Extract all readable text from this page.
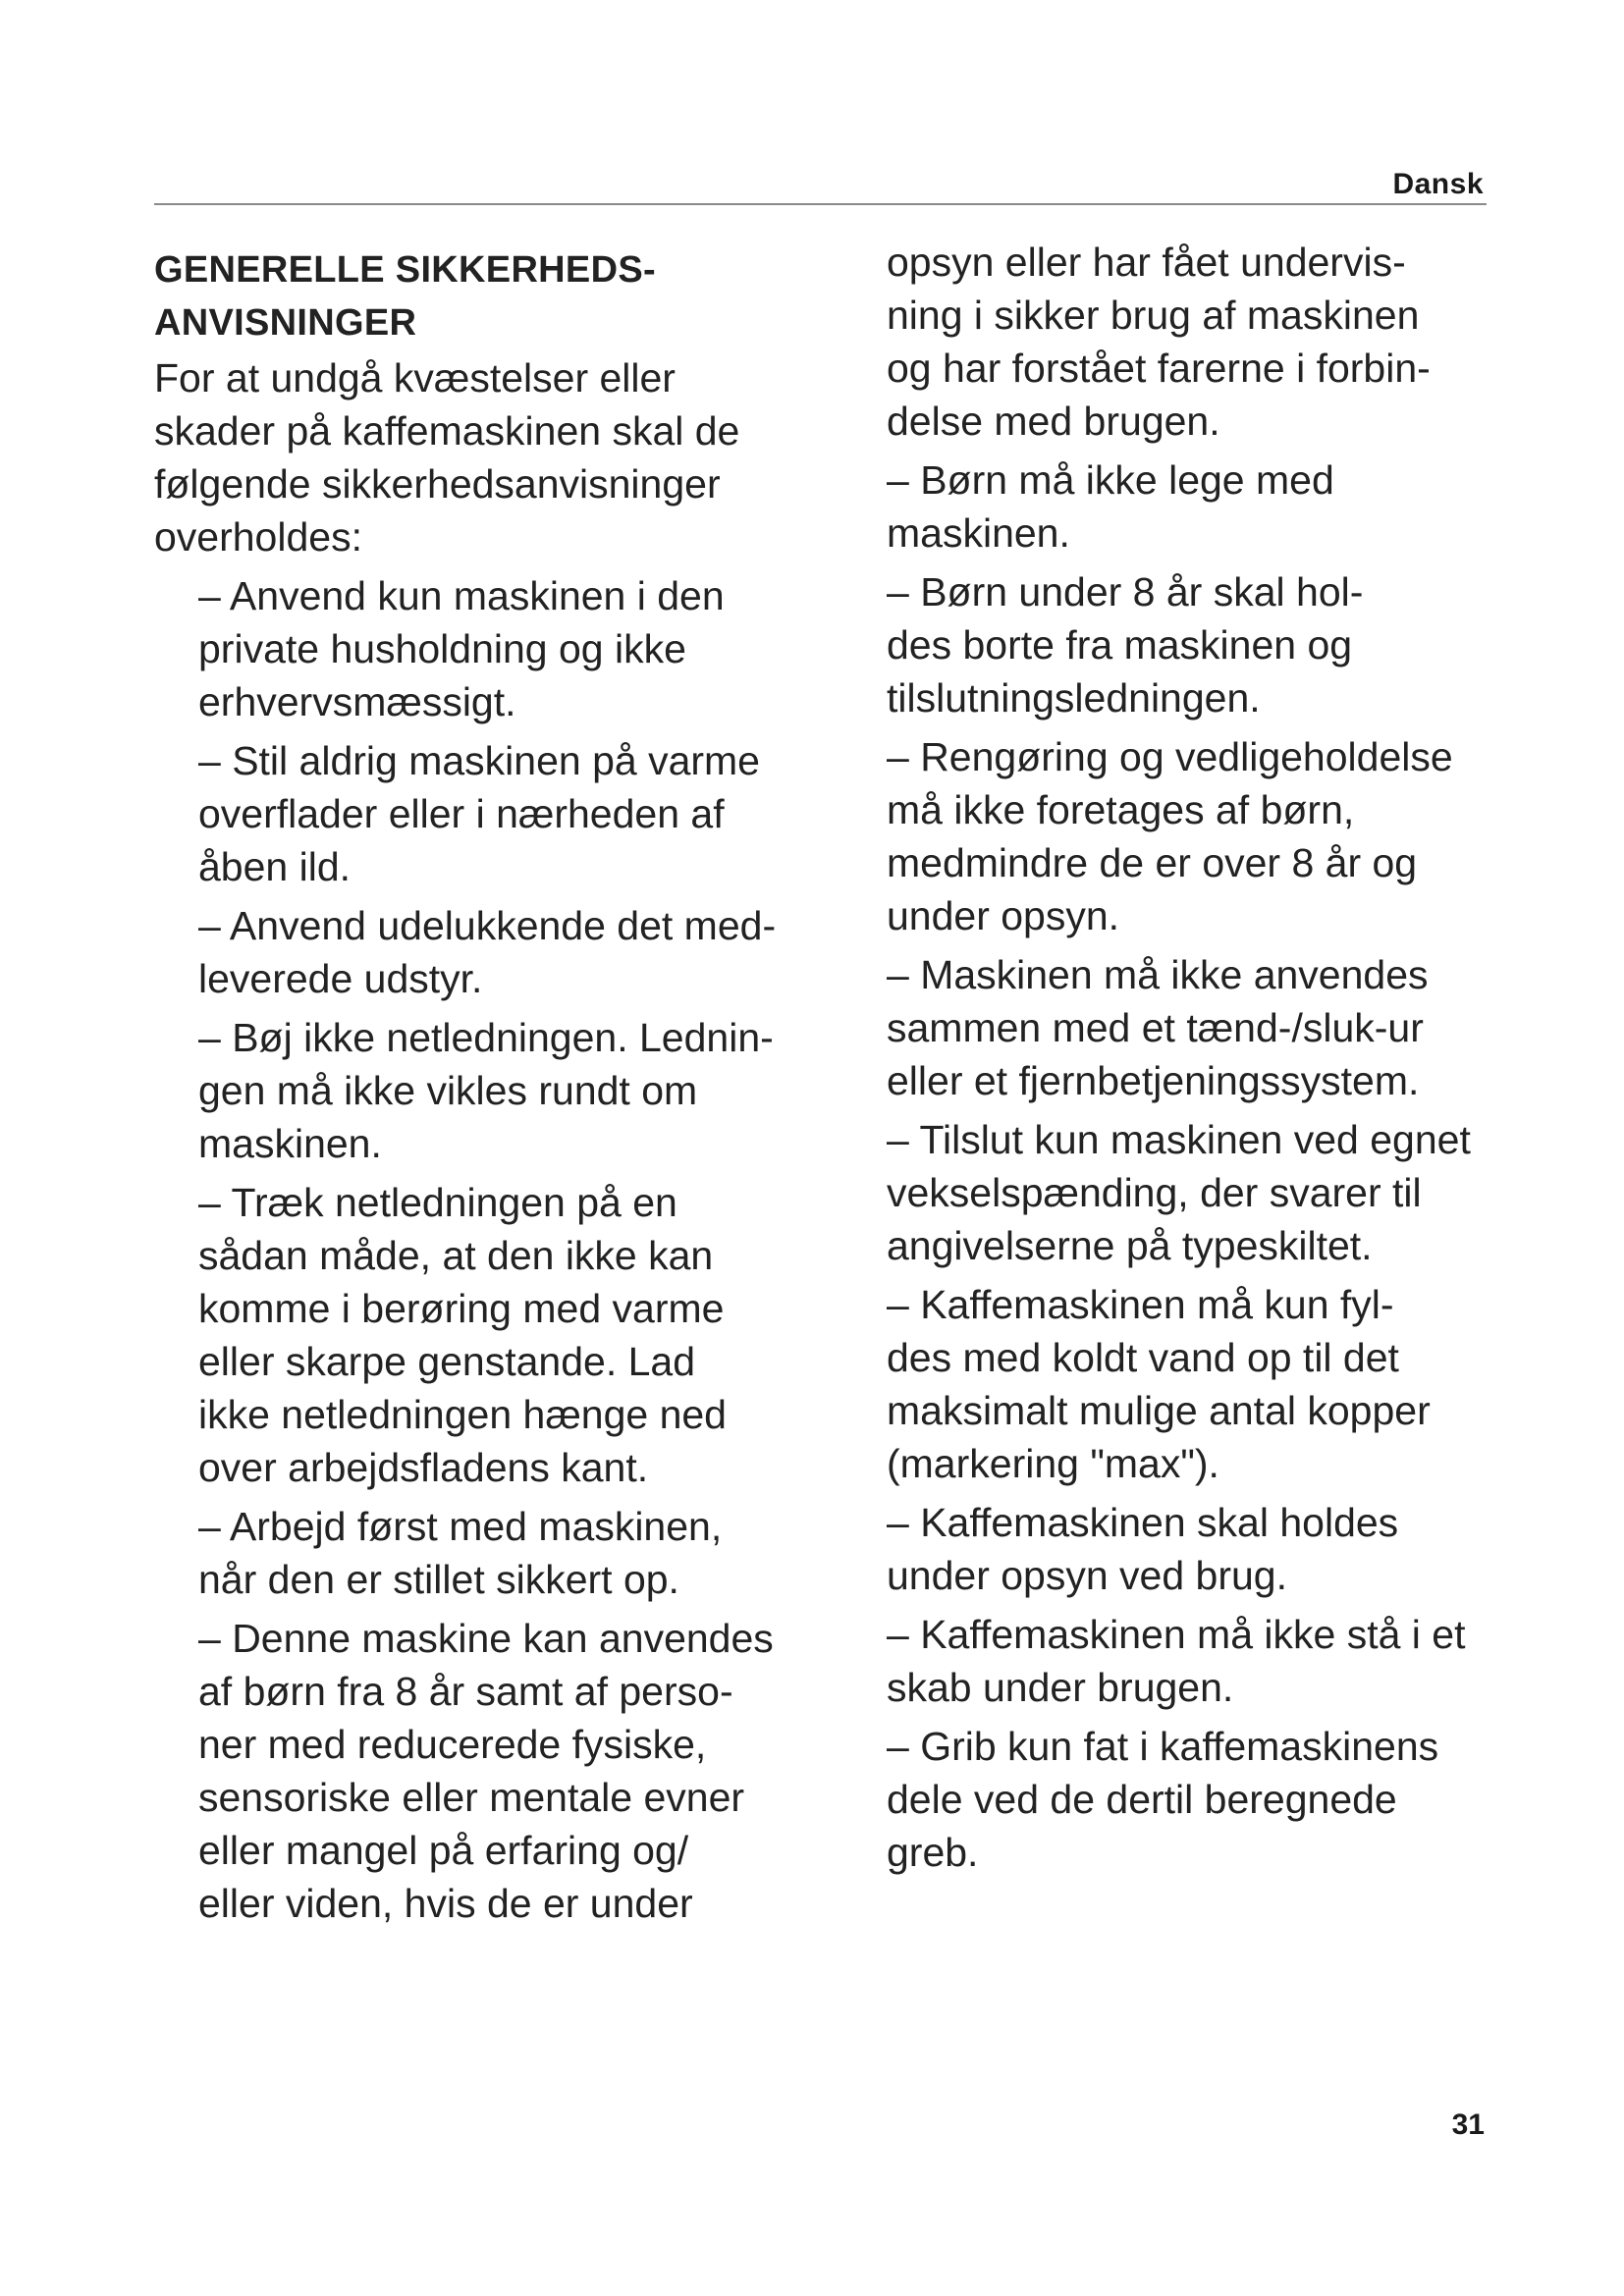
Dansk
GENERELLE SIKKERHEDS-
ANVISNINGER
For at undgå kvæstelser eller
skader på kaffemaskinen skal de
følgende sikkerhedsanvisninger
overholdes:
– Anvend kun maskinen i den
private husholdning og ikke
erhvervsmæssigt.
– Stil aldrig maskinen på varme
overflader eller i nærheden af
åben ild.
– Anvend udelukkende det med-
leverede udstyr.
– Bøj ikke netledningen. Lednin-
gen må ikke vikles rundt om
maskinen.
– Træk netledningen på en
sådan måde, at den ikke kan
komme i berøring med varme
eller skarpe genstande. Lad
ikke netledningen hænge ned
over arbejdsfladens kant.
– Arbejd først med maskinen,
når den er stillet sikkert op.
– Denne maskine kan anvendes
af børn fra 8 år samt af perso-
ner med reducerede fysiske,
sensoriske eller mentale evner
eller mangel på erfaring og/
eller viden, hvis de er under
opsyn eller har fået undervis-
ning i sikker brug af maskinen
og har forstået farerne i forbin-
delse med brugen.
– Børn må ikke lege med
maskinen.
– Børn under 8 år skal hol-
des borte fra maskinen og
tilslutningsledningen.
– Rengøring og vedligeholdelse
må ikke foretages af børn,
medmindre de er over 8 år og
under opsyn.
– Maskinen må ikke anvendes
sammen med et tænd-/sluk-ur
eller et fjernbetjeningssystem.
– Tilslut kun maskinen ved egnet
vekselspænding, der svarer til
angivelserne på typeskiltet.
– Kaffemaskinen må kun fyl-
des med koldt vand op til det
maksimalt mulige antal kopper
(markering "max").
– Kaffemaskinen skal holdes
under opsyn ved brug.
– Kaffemaskinen må ikke stå i et
skab under brugen.
– Grib kun fat i kaffemaskinens
dele ved de dertil beregnede
greb.
31
